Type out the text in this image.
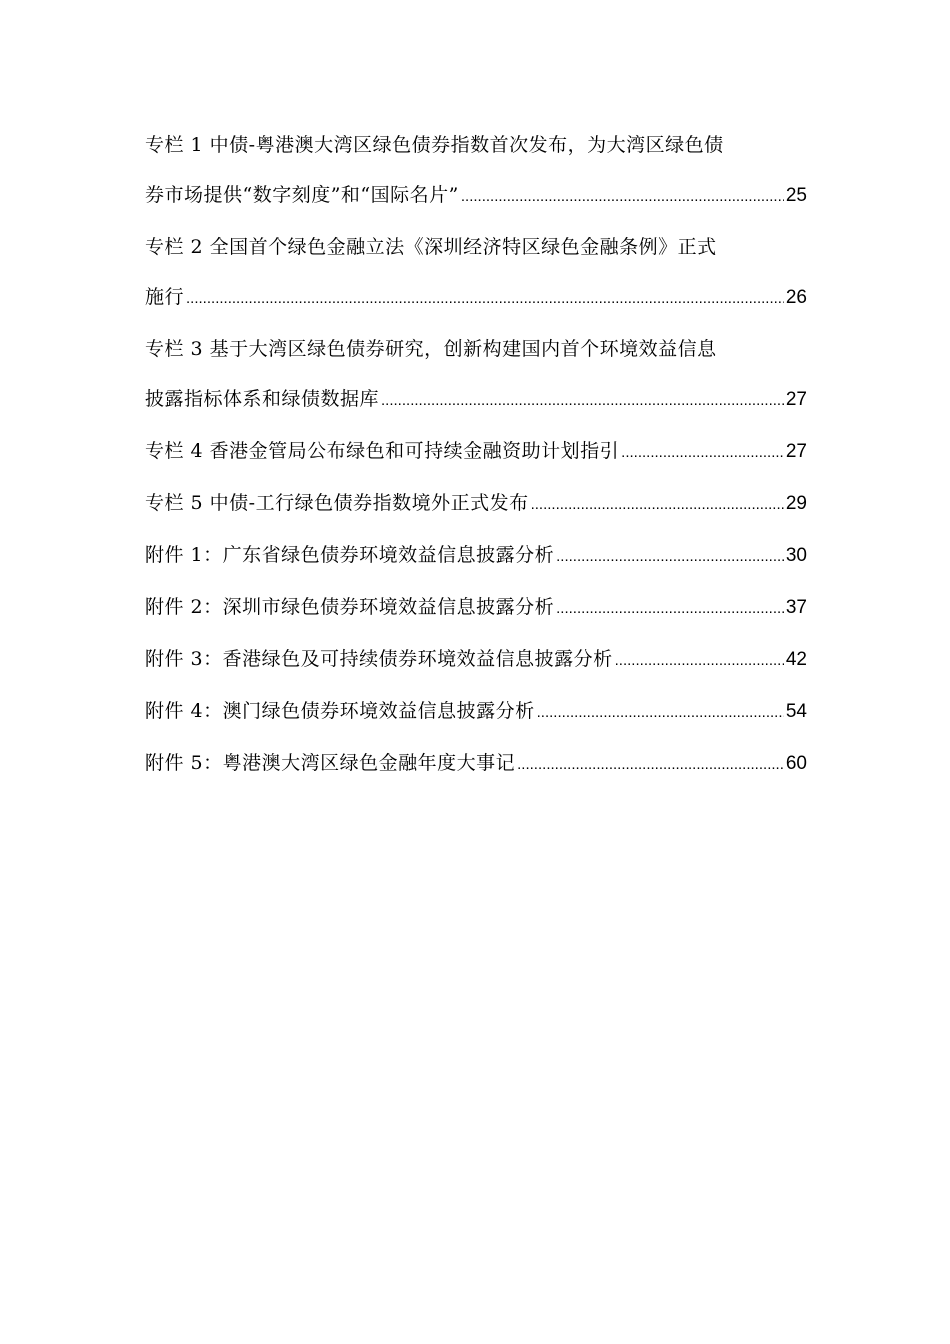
专栏 1 中债-粤港澳大湾区绿色债券指数首次发布，为大湾区绿色债
券市场提供“数字刻度”和“国际名片” .....	25
专栏 2 全国首个绿色金融立法《深圳经济特区绿色金融条例》正式
施行 .....	26
专栏 3 基于大湾区绿色债券研究，创新构建国内首个环境效益信息
披露指标体系和绿债数据库 .....	27
专栏 4 香港金管局公布绿色和可持续金融资助计划指引 .....	27
专栏 5 中债-工行绿色债券指数境外正式发布 .....	29
附件 1：广东省绿色债券环境效益信息披露分析 .....	30
附件 2：深圳市绿色债券环境效益信息披露分析 .....	37
附件 3：香港绿色及可持续债券环境效益信息披露分析 .....	42
附件 4：澳门绿色债券环境效益信息披露分析 .....	54
附件 5：粤港澳大湾区绿色金融年度大事记 .....	60
